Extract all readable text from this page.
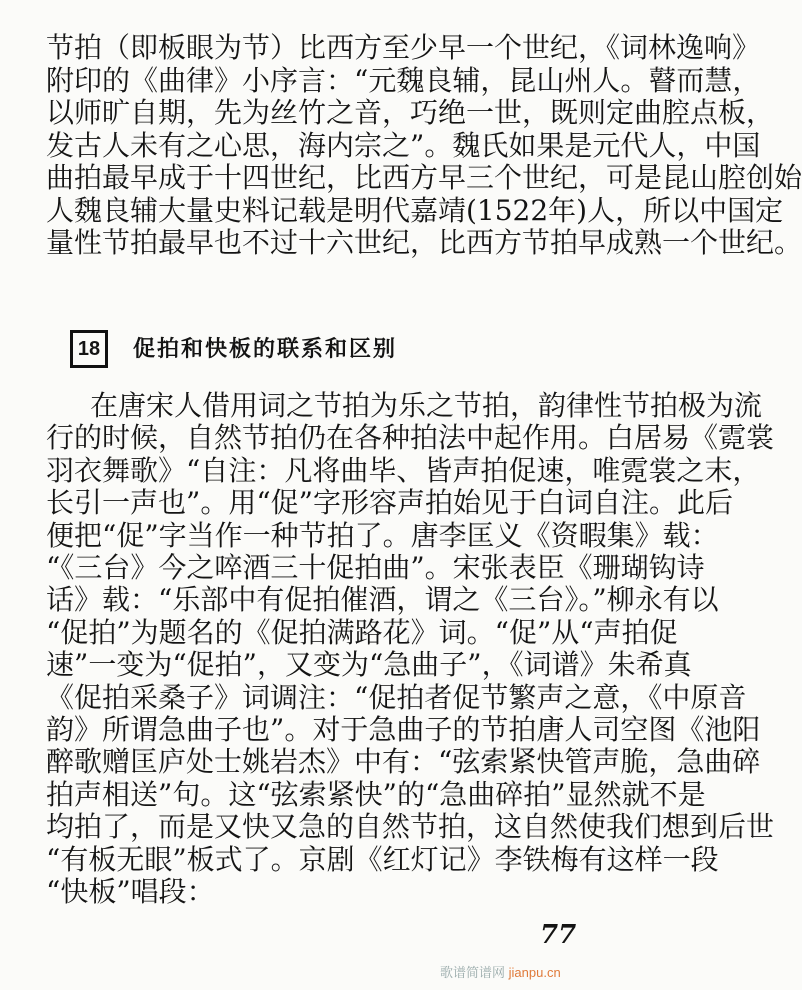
节拍（即板眼为节）比西方至少早一个世纪，《词林逸响》
附印的《曲律》小序言：“元魏良辅，昆山州人。瞽而慧，
以师旷自期，先为丝竹之音，巧绝一世，既则定曲腔点板，
发古人未有之心思，海内宗之”。魏氏如果是元代人，中国
曲拍最早成于十四世纪，比西方早三个世纪，可是昆山腔创始
人魏良辅大量史料记载是明代嘉靖(1522年)人，所以中国定
量性节拍最早也不过十六世纪，比西方节拍早成熟一个世纪。
18	促拍和快板的联系和区别
在唐宋人借用词之节拍为乐之节拍，韵律性节拍极为流
行的时候，自然节拍仍在各种拍法中起作用。白居易《霓裳
羽衣舞歌》“自注：凡将曲毕、皆声拍促速，唯霓裳之末，
长引一声也”。用“促”字形容声拍始见于白词自注。此后
便把“促”字当作一种节拍了。唐李匡义《资暇集》载：
“《三台》今之啐酒三十促拍曲”。宋张表臣《珊瑚钩诗
话》载：“乐部中有促拍催酒，谓之《三台》。”柳永有以
“促拍”为题名的《促拍满路花》词。“促”从“声拍促
速”一变为“促拍”，又变为“急曲子”，《词谱》朱希真
《促拍采桑子》词调注：“促拍者促节繁声之意，《中原音
韵》所谓急曲子也”。对于急曲子的节拍唐人司空图《池阳
醉歌赠匡庐处士姚岩杰》中有：“弦索紧快管声脆，急曲碎
拍声相送”句。这“弦索紧快”的“急曲碎拍”显然就不是
均拍了，而是又快又急的自然节拍，这自然使我们想到后世
“有板无眼”板式了。京剧《红灯记》李铁梅有这样一段
“快板”唱段：
77
歌谱简谱网 jianpu.cn
